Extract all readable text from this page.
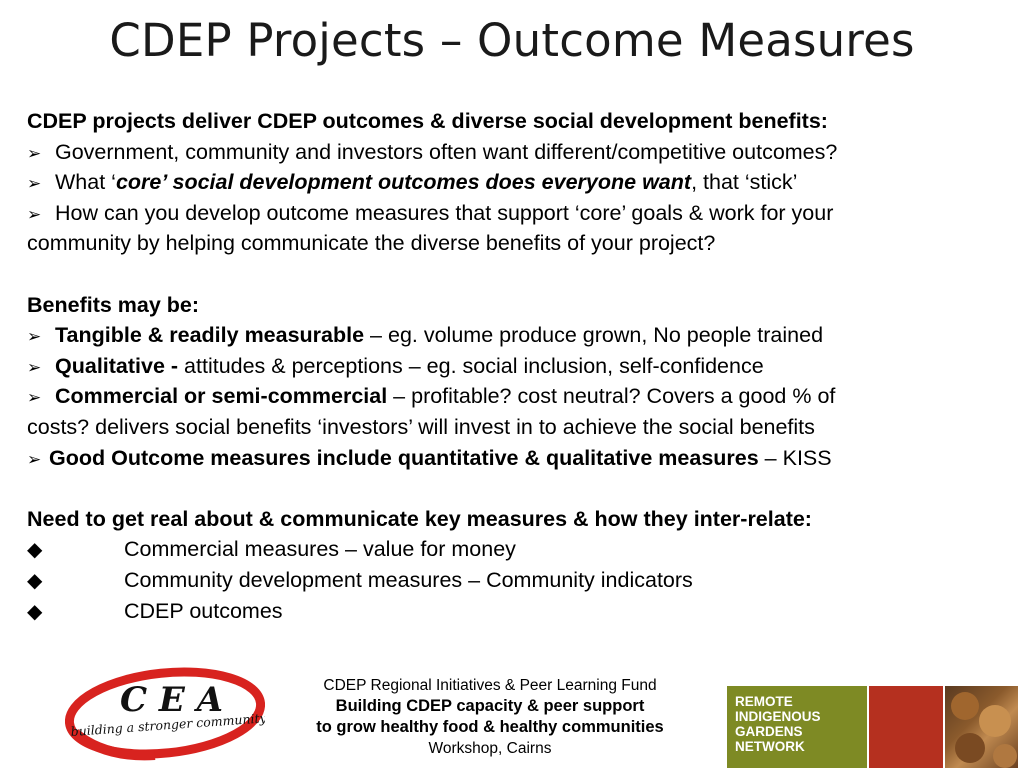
CDEP Projects – Outcome Measures
CDEP projects deliver CDEP outcomes & diverse social development benefits:
➢ Government, community and investors often want different/competitive outcomes?
➢ What ‘core’ social development outcomes does everyone want, that ‘stick’
➢ How can you develop outcome measures that support ‘core’ goals & work for your
community by helping communicate the diverse benefits of your project?
Benefits may be:
➢ Tangible & readily measurable – eg. volume produce grown, No people trained
➢ Qualitative - attitudes & perceptions – eg. social inclusion, self-confidence
➢ Commercial or semi-commercial – profitable? cost neutral? Covers a good % of
costs? delivers social benefits ‘investors’ will invest in to achieve the social benefits
➢ Good Outcome measures include quantitative & qualitative measures – KISS
Need to get real about & communicate key measures & how they inter-relate:
◆	Commercial measures – value for money
◆	Community development measures – Community indicators
◆	CDEP outcomes
C E A
building a stronger community
CDEP Regional Initiatives & Peer Learning Fund
Building CDEP capacity & peer support
to grow healthy food & healthy communities
Workshop, Cairns
REMOTE
INDIGENOUS
GARDENS
NETWORK
